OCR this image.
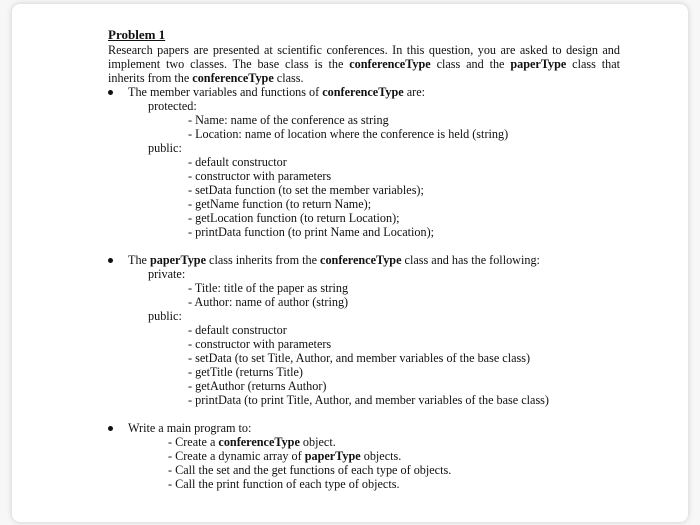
Problem 1
Research papers are presented at scientific conferences. In this question, you are asked to design and implement two classes. The base class is the conferenceType class and the paperType class that inherits from the conferenceType class.
The member variables and functions of conferenceType are:
protected:
- Name: name of the conference as string
- Location: name of location where the conference is held (string)
public:
- default constructor
- constructor with parameters
- setData function (to set the member variables);
- getName function (to return Name);
- getLocation function (to return Location);
- printData function (to print Name and Location);
The paperType class inherits from the conferenceType class and has the following:
private:
- Title: title of the paper as string
- Author: name of author (string)
public:
- default constructor
- constructor with parameters
- setData (to set Title, Author, and member variables of the base class)
- getTitle (returns Title)
- getAuthor (returns Author)
- printData (to print Title, Author, and member variables of the base class)
Write a main program to:
- Create a conferenceType object.
- Create a dynamic array of paperType objects.
- Call the set and the get functions of each type of objects.
- Call the print function of each type of objects.
